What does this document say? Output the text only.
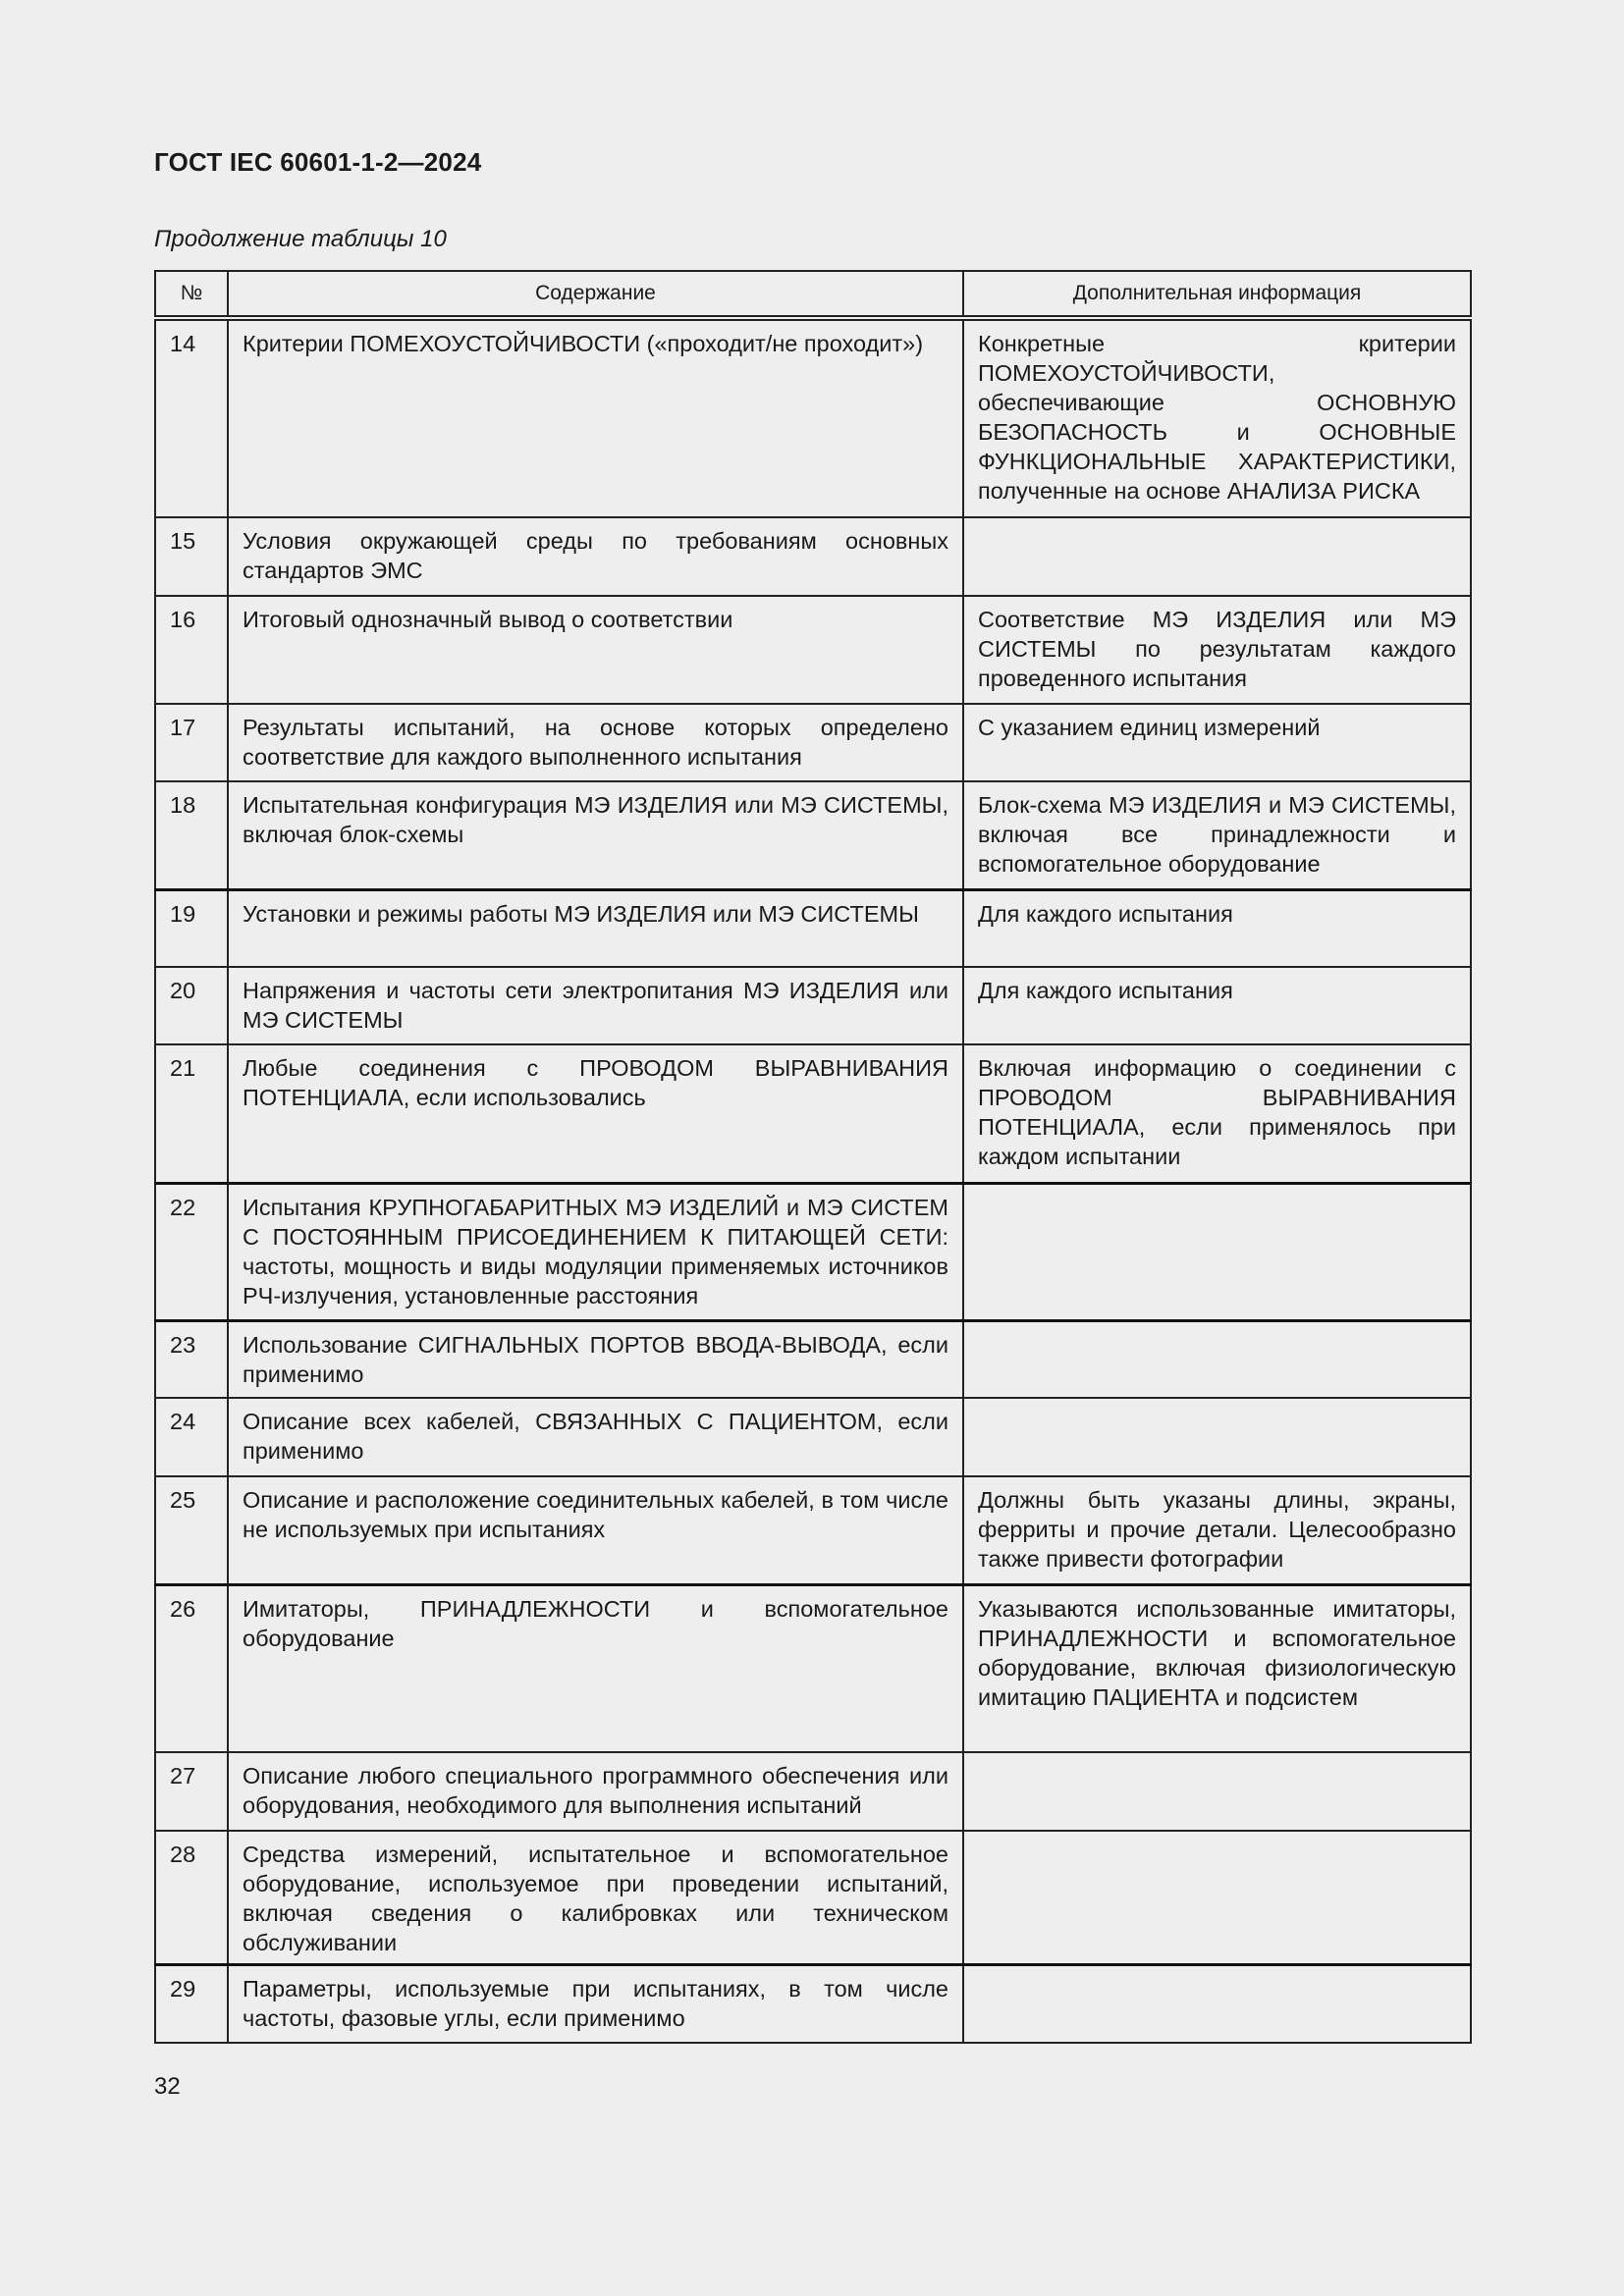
ГОСТ IEC 60601-1-2—2024
Продолжение таблицы 10
№	Содержание	Дополнительная информация
14	Критерии ПОМЕХОУСТОЙЧИВОСТИ («проходит/не проходит»)	Конкретные критерии ПОМЕХОУСТОЙЧИВОСТИ, обеспечивающие ОСНОВНУЮ БЕЗОПАСНОСТЬ и ОСНОВНЫЕ ФУНКЦИОНАЛЬНЫЕ ХАРАКТЕРИСТИКИ, полученные на основе АНАЛИЗА РИСКА
15	Условия окружающей среды по требованиям основных стандартов ЭМС	
16	Итоговый однозначный вывод о соответствии	Соответствие МЭ ИЗДЕЛИЯ или МЭ СИСТЕМЫ по результатам каждого проведенного испытания
17	Результаты испытаний, на основе которых определено соответствие для каждого выполненного испытания	С указанием единиц измерений
18	Испытательная конфигурация МЭ ИЗДЕЛИЯ или МЭ СИСТЕМЫ, включая блок-схемы	Блок-схема МЭ ИЗДЕЛИЯ и МЭ СИСТЕМЫ, включая все принадлежности и вспомогательное оборудование
19	Установки и режимы работы МЭ ИЗДЕЛИЯ или МЭ СИСТЕМЫ	Для каждого испытания
20	Напряжения и частоты сети электропитания МЭ ИЗДЕЛИЯ или МЭ СИСТЕМЫ	Для каждого испытания
21	Любые соединения с ПРОВОДОМ ВЫРАВНИВАНИЯ ПОТЕНЦИАЛА, если использовались	Включая информацию о соединении с ПРОВОДОМ ВЫРАВНИВАНИЯ ПОТЕНЦИАЛА, если применялось при каждом испытании
22	Испытания КРУПНОГАБАРИТНЫХ МЭ ИЗДЕЛИЙ и МЭ СИСТЕМ С ПОСТОЯННЫМ ПРИСОЕДИНЕНИЕМ К ПИТАЮЩЕЙ СЕТИ: частоты, мощность и виды модуляции применяемых источников РЧ-излучения, установленные расстояния	
23	Использование СИГНАЛЬНЫХ ПОРТОВ ВВОДА-ВЫВОДА, если применимо	
24	Описание всех кабелей, СВЯЗАННЫХ С ПАЦИЕНТОМ, если применимо	
25	Описание и расположение соединительных кабелей, в том числе не используемых при испытаниях	Должны быть указаны длины, экраны, ферриты и прочие детали. Целесообразно также привести фотографии
26	Имитаторы, ПРИНАДЛЕЖНОСТИ и вспомогательное оборудование	Указываются использованные имитаторы, ПРИНАДЛЕЖНОСТИ и вспомогательное оборудование, включая физиологическую имитацию ПАЦИЕНТА и подсистем
27	Описание любого специального программного обеспечения или оборудования, необходимого для выполнения испытаний	
28	Средства измерений, испытательное и вспомогательное оборудование, используемое при проведении испытаний, включая сведения о калибровках или техническом обслуживании	
29	Параметры, используемые при испытаниях, в том числе частоты, фазовые углы, если применимо	
32
